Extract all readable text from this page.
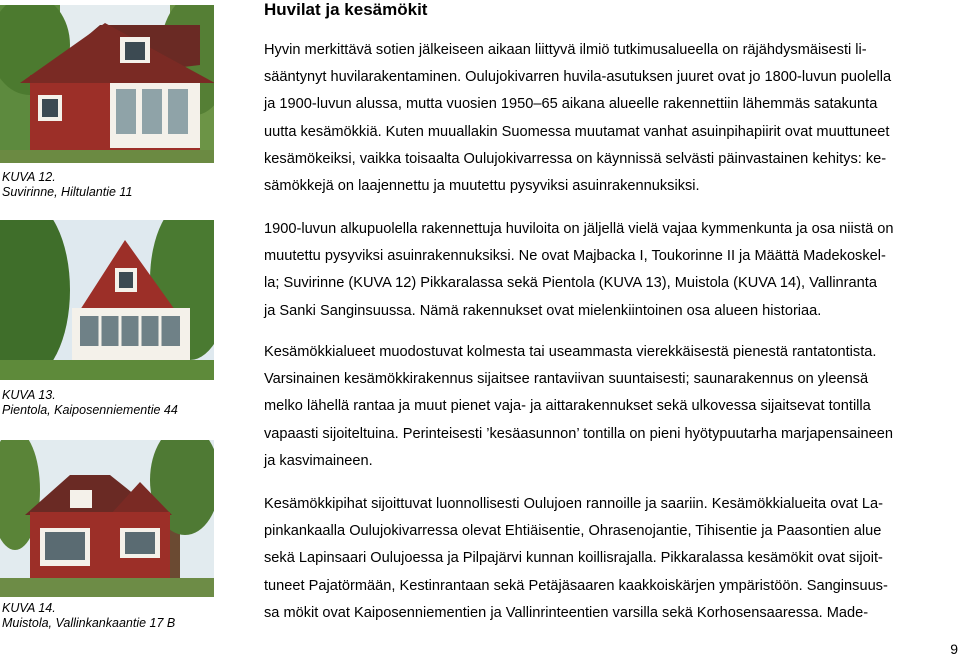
KUVA 12.
Suvirinne, Hiltulantie 11
KUVA 13.
Pientola, Kaiposenniementie 44
KUVA 14.
Muistola, Vallinkankaantie 17 B
Huvilat ja kesämökit
Hyvin merkittävä sotien jälkeiseen aikaan liittyvä ilmiö tutkimusalueella on räjähdysmäisesti li-
sääntynyt huvilarakentaminen. Oulujokivarren huvila-asutuksen juuret ovat jo 1800-luvun puolella
ja 1900-luvun alussa, mutta vuosien 1950–65 aikana alueelle rakennettiin lähemmäs satakunta
uutta kesämökkiä. Kuten muuallakin Suomessa muutamat vanhat asuinpihapiirit ovat muuttuneet
kesämökeiksi, vaikka toisaalta Oulujokivarressa on käynnissä selvästi päinvastainen kehitys: ke-
sämökkejä on laajennettu ja muutettu pysyviksi asuinrakennuksiksi.
1900-luvun alkupuolella rakennettuja huviloita on jäljellä vielä vajaa kymmenkunta ja osa niistä on
muutettu pysyviksi asuinrakennuksiksi. Ne ovat Majbacka I, Toukorinne II ja Määttä Madekoskel-
la; Suvirinne (KUVA 12) Pikkaralassa sekä Pientola (KUVA 13), Muistola (KUVA 14), Vallinranta
ja Sanki Sanginsuussa. Nämä rakennukset ovat mielenkiintoinen osa alueen historiaa.
Kesämökkialueet muodostuvat kolmesta tai useammasta vierekkäisestä pienestä rantatontista.
Varsinainen kesämökkirakennus sijaitsee rantaviivan suuntaisesti; saunarakennus on yleensä
melko lähellä rantaa ja muut pienet vaja- ja aittarakennukset sekä ulkovessa sijaitsevat tontilla
vapaasti sijoiteltuina. Perinteisesti ’kesäasunnon’ tontilla on pieni hyötypuutarha marjapensaineen
ja kasvimaineen.
Kesämökkipihat sijoittuvat luonnollisesti Oulujoen rannoille ja saariin. Kesämökkialueita ovat La-
pinkankaalla Oulujokivarressa olevat Ehtiäisentie, Ohrasenojantie, Tihisentie ja Paasontien alue
sekä Lapinsaari Oulujoessa ja Pilpajärvi kunnan koillisrajalla. Pikkaralassa kesämökit ovat sijoit-
tuneet Pajatörmään, Kestinrantaan sekä Petäjäsaaren kaakkoiskärjen ympäristöön. Sanginsuus-
sa mökit ovat Kaiposenniementien ja Vallinrinteentien varsilla sekä Korhosensaaressa. Made-
9
